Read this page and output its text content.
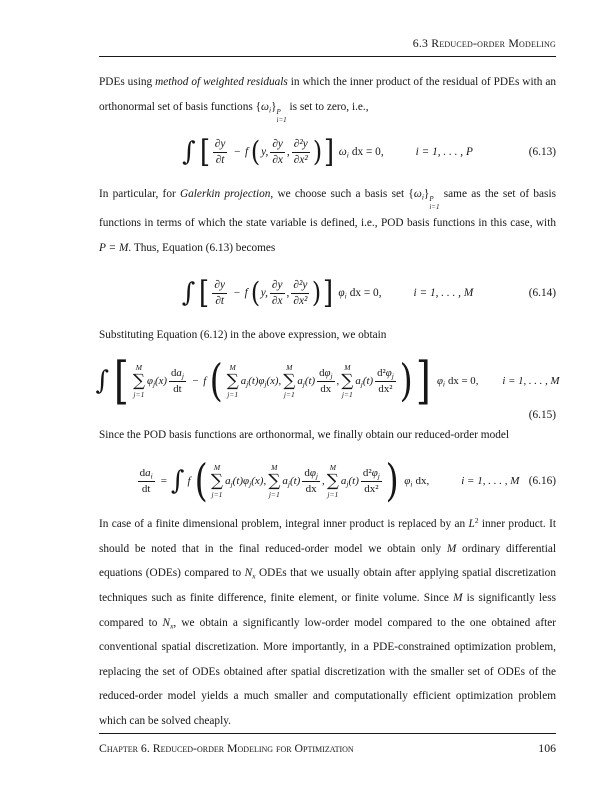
6.3 Reduced-order Modeling

PDEs using method of weighted residuals in which the inner product of the residual of PDEs with an orthonormal set of basis functions $\{\omega_i\}$ P
i=1
is set to zero, i.e.,

∫ [ $\frac{\partial y}{\partial t} - f$ ( y, $\frac{\partial y}{\partial x}$ , $\frac{\text{∂²y}}{\text{∂x²}}$ ) ] $\omega_i$ dx = 0,	i = 1, . . . , P	(6.13)

In particular, for Galerkin projection, we choose such a basis set $\{\omega_i\}$ P
i=1
same as the set of basis functions in terms of which the state variable is defined, i.e., POD basis functions in this case, with P = M. Thus, Equation (6.13) becomes

∫ [ $\frac{\partial y}{\partial t} - f$ ( y, $\frac{\partial y}{\partial x}$ , $\frac{\text{∂²y}}{\text{∂x²}}$ ) ] $\varphi_i$ dx = 0,	i = 1, . . . , M	(6.14)

Substituting Equation (6.12) in the above expression, we obtain

∫ [ M
∑
j=1
$\varphi_j(x) \frac{da_j}{dt} - f$ ( M
∑
j=1
$a_j(t)\varphi_j(x)$,
M
∑
j=1
$a_j(t) \frac{d\varphi_j}{dx}$ ,
M
∑
j=1
$a_j(t) \frac{d^2\varphi_j}{\text{dx²}}$ ) ] $\varphi_i$ dx = 0, i = 1, . . . , M
(6.15)

Since the POD basis functions are orthonormal, we finally obtain our reduced-order model

$\frac{da_i}{dt}$ = ∫ f ( M
∑
j=1
$a_j(t)\varphi_j(x)$,
M
∑
j=1
$a_j(t) \frac{d\varphi_j}{dx}$ ,
M
∑
j=1
$a_j(t) \frac{d^2\varphi_j}{\text{dx²}}$ ) $\varphi_i$ dx,	i = 1, . . . , M (6.16)

In case of a finite dimensional problem, integral inner product is replaced by an $L^2$ inner product. It should be noted that in the final reduced-order model we obtain only M ordinary differential equations (ODEs) compared to $N_x$ ODEs that we usually obtain after applying spatial discretization techniques such as finite difference, finite element, or finite volume. Since M is significantly less compared to $N_x$, we obtain a significantly low-order model compared to the one obtained after conventional spatial discretization. More importantly, in a PDE-constrained optimization problem, replacing the set of ODEs obtained after spatial discretization with the smaller set of ODEs of the reduced-order model yields a much smaller and computationally efficient optimization problem which can be solved cheaply.

Chapter 6. Reduced-order Modeling for Optimization	106
